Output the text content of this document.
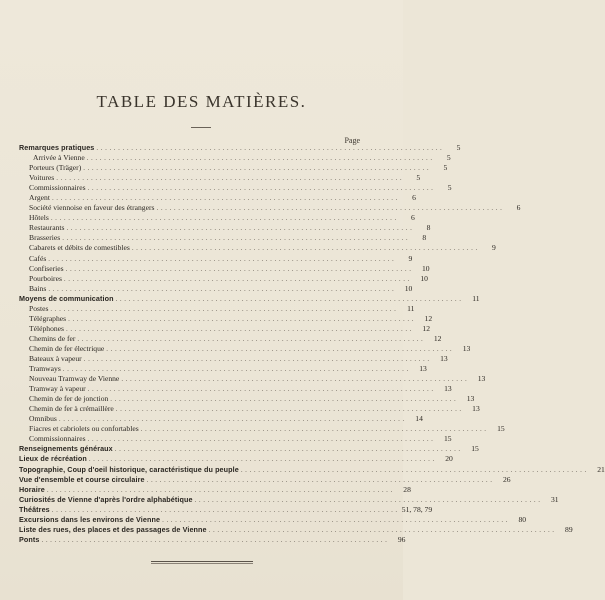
TABLE DES MATIÈRES.
Page
Remarques pratiques ................................................................................	5
Arrivée à Vienne ................................................................................	5
Porteurs (Träger) ................................................................................	5
Voitures ................................................................................	5
Commissionnaires ................................................................................	5
Argent ................................................................................	6
Société viennoise en faveur des étrangers ................................................................................	6
Hôtels ................................................................................	6
Restaurants ................................................................................	8
Brasseries ................................................................................	8
Cabarets et débits de comestibles ................................................................................	9
Cafés ................................................................................	9
Confiseries ................................................................................	10
Pourboires ................................................................................	10
Bains ................................................................................	10
Moyens de communication ................................................................................	11
Postes ................................................................................	11
Télégraphes ................................................................................	12
Téléphones ................................................................................	12
Chemins de fer ................................................................................	12
Chemin de fer électrique ................................................................................	13
Bateaux à vapeur ................................................................................	13
Tramways ................................................................................	13
Nouveau Tramway de Vienne ................................................................................	13
Tramway à vapeur ................................................................................	13
Chemin de fer de jonction ................................................................................	13
Chemin de fer à crémaillère ................................................................................	13
Omnibus ................................................................................	14
Fiacres et cabriolets ou confortables ................................................................................	15
Commissionnaires ................................................................................	15
Renseignements généraux ................................................................................	15
Lieux de récréation ................................................................................	20
Topographie, Coup d'oeil historique, caractéristique du peuple ................................................................................	21
Vue d'ensemble et course circulaire ................................................................................	26
Horaire ................................................................................	28
Curiosités de Vienne d'après l'ordre alphabétique ................................................................................	31
Théâtres ................................................................................ 51, 78, 79
Excursions dans les environs de Vienne ................................................................................	80
Liste des rues, des places et des passages de Vienne ................................................................................	89
Ponts ................................................................................	96
